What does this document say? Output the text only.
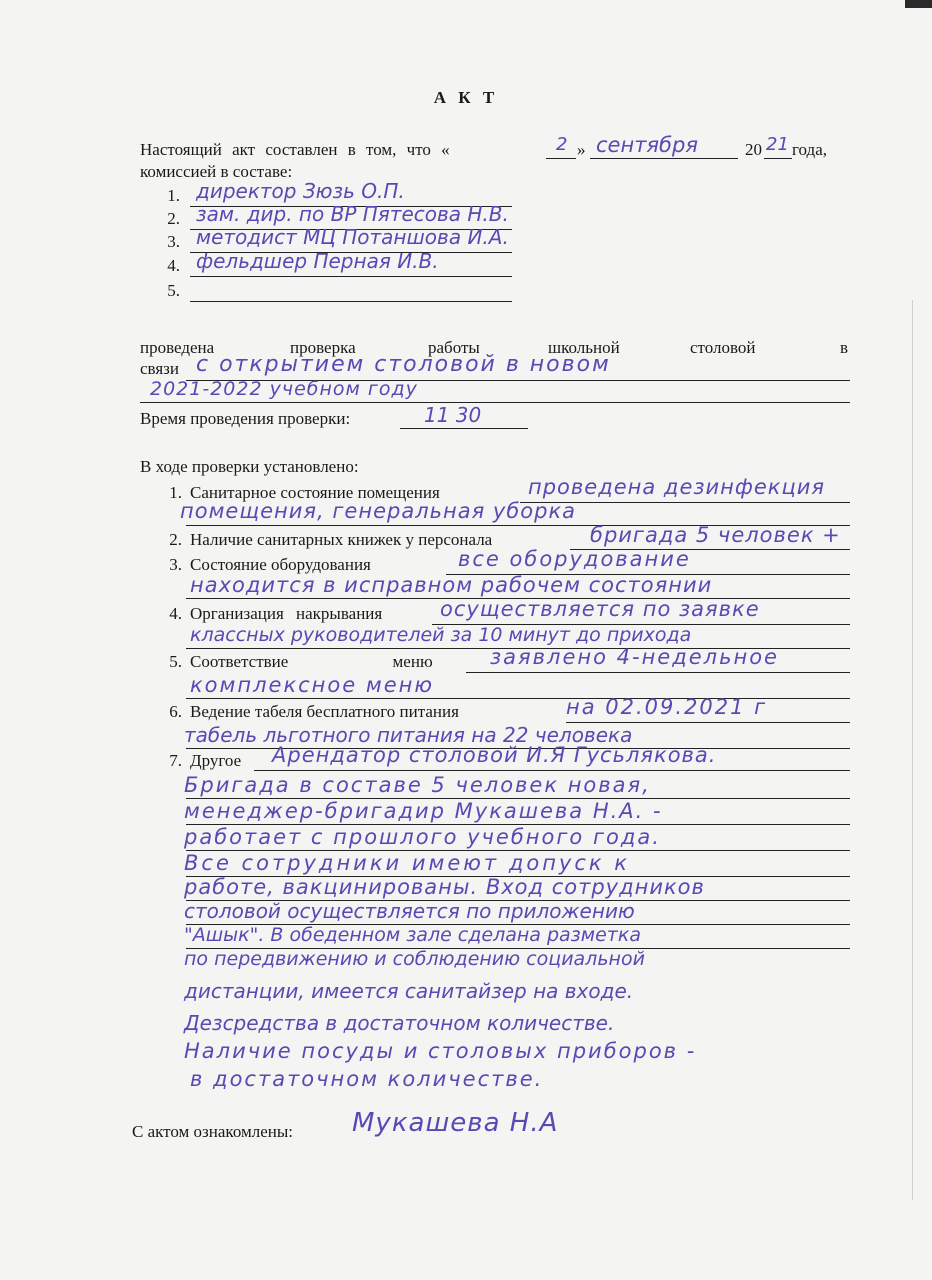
А К Т
Настоящий акт составлен в том, что «	2 » сентября	20 21 года,
комиссией в составе:
1. директор Зюзь О.П.
2. зам. дир. по ВР Пятесова Н.В.
3. методист МЦ Потаншова И.А.
4. фельдшер Перная И.В.
5.
проведена	проверка	работы	школьной	столовой	в
связи с открытием столовой в новом
2021-2022 учебном году
Время проведения проверки:	11 30
В ходе проверки установлено:
1. Санитарное состояние помещения	проведена дезинфекция
помещения, генеральная уборка
2. Наличие санитарных книжек у персонала	бригада 5 человек +
3. Состояние оборудования	все оборудование
находится в исправном рабочем состоянии
4. Организация накрывания	осуществляется по заявке
классных руководителей за 10 минут до прихода
5. Соответствие меню	заявлено 4-недельное
комплексное меню
6. Ведение табеля бесплатного питания	на 02.09.2021 г
табель льготного питания на 22 человека
7. Другое Арендатор столовой И.Я Гусьлякова.
Бригада в составе 5 человек новая,
менеджер-бригадир Мукашева Н.А. -
работает с прошлого учебного года.
Все сотрудники имеют допуск к
работе, вакцинированы. Вход сотрудников
столовой осуществляется по приложению
"Ашык". В обеденном зале сделана разметка
по передвижению и соблюдению социальной
дистанции, имеется санитайзер на входе.
Дезсредства в достаточном количестве.
Наличие посуды и столовых приборов -
в достаточном количестве.
С актом ознакомлены: Мукашева Н.А
